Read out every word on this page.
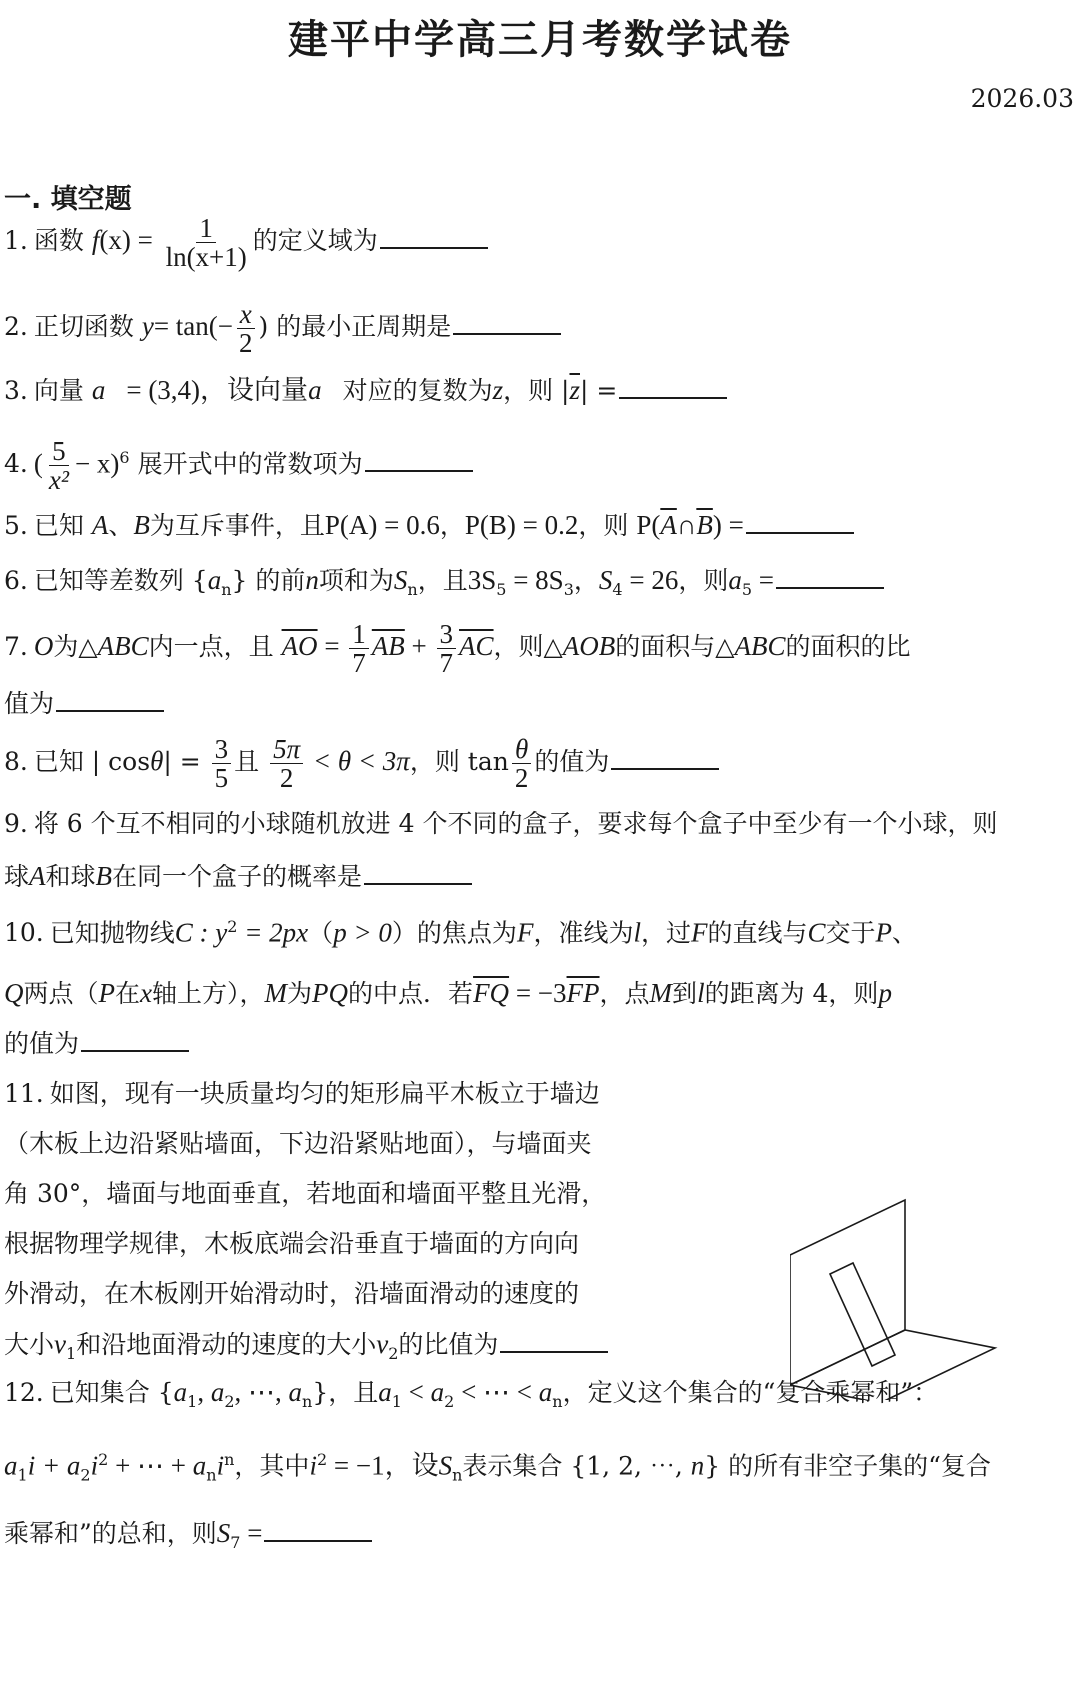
建平中学高三月考数学试卷
2026.03
一. 填空题
1. 函数 $f(x) = \frac{1}{\ln(x+1)}$ 的定义域为
2. 正切函数 $y= \tan(- \frac{x}{2}$ ) 的最小正周期是
3. 向量 a⃗= (3,4)，设向量a⃗对应的复数为z，则 $|\overline{z}|$ =
4. ( $\frac{5}{\text{x²}} - x)^6$ 展开式中的常数项为
5. 已知 A、B为互斥事件，且P(A) = 0.6，P(B) = 0.2，则 $P(\overline{A}\cap\overline{B})$ =
6. 已知等差数列 $\{a_n\}$ 的前n项和为$S_n$，且$3S_5 = 8S_3$，$S_4 = 26$，则$a_5$ =
7. O为△ABC内一点，且 $\overline{AO} = \frac{1}{7} \overline{AB} + \frac{3}{7} \overline{AC}$，则△AOB的面积与△ABC的面积的比
值为
8. 已知 | $\cos\theta| = \frac{3}{5}$ 且 $\frac{5\pi}{2} < \theta < 3\pi$，则 $\tan \frac{\theta}{2}$ 的值为
9. 将 6 个互不相同的小球随机放进 4 个不同的盒子，要求每个盒子中至少有一个小球，则
球A和球B在同一个盒子的概率是
10. 已知抛物线C : $y^2 = 2px(p > 0)$的焦点为F，准线为l，过F的直线与C交于P、
Q两点（P在x轴上方），M为PQ的中点．若$\overline{FQ} = -3\overline{FP}$，点M到l的距离为 4，则p
的值为
11. 如图，现有一块质量均匀的矩形扁平木板立于墙边
（木板上边沿紧贴墙面，下边沿紧贴地面），与墙面夹
角 30°，墙面与地面垂直，若地面和墙面平整且光滑，
根据物理学规律，木板底端会沿垂直于墙面的方向向
外滑动，在木板刚开始滑动时，沿墙面滑动的速度的
大小$v_1$和沿地面滑动的速度的大小$v_2$的比值为
12. 已知集合 {$a_1$, $a_2$, ⋯, $a_n$}，且$a_1 < a_2$ < ⋯ < $a_n$，定义这个集合的“复合乘幂和”：
$a_1i + a_2i^2$ + ⋯ + $a_ni^n$，其中$i^2 = -1$，设$S_n$表示集合 {1, 2, ⋯, n} 的所有非空子集的“复合
乘幂和”的总和，则$S_7$ =
